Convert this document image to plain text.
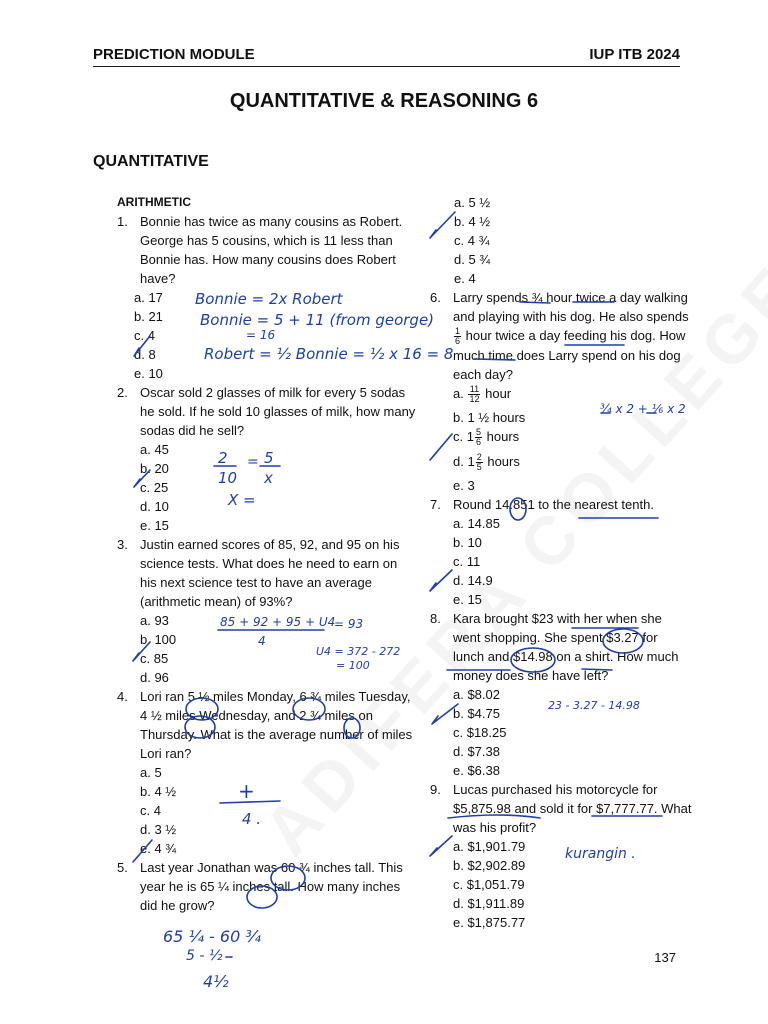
PREDICTION MODULE	IUP ITB 2024
QUANTITATIVE & REASONING 6
QUANTITATIVE
ARITHMETIC
1. Bonnie has twice as many cousins as Robert. George has 5 cousins, which is 11 less than Bonnie has. How many cousins does Robert have?
a. 17
b. 21
c. 4
d. 8
e. 10
2. Oscar sold 2 glasses of milk for every 5 sodas he sold. If he sold 10 glasses of milk, how many sodas did he sell?
a. 45
b. 20
c. 25
d. 10
e. 15
3. Justin earned scores of 85, 92, and 95 on his science tests. What does he need to earn on his next science test to have an average (arithmetic mean) of 93%?
a. 93
b. 100
c. 85
d. 96
4. Lori ran 5 ½ miles Monday, 6 ¾ miles Tuesday, 4 ½ miles Wednesday, and 2 ¾ miles on Thursday. What is the average number of miles Lori ran?
a. 5
b. 4 ½
c. 4
d. 3 ½
e. 4 ¾
5. Last year Jonathan was 60 ¾ inches tall. This year he is 65 ¼ inches tall. How many inches did he grow?
a. 5 ½
b. 4 ½
c. 4 ¾
d. 5 ¾
e. 4
6. Larry spends ¾ hour twice a day walking and playing with his dog. He also spends
$\frac{1}{6}$ hour twice a day feeding his dog. How much time does Larry spend on his dog each day?
a. $\frac{11}{12}$ hour
b. 1 ½ hours
c. $1 \frac{5}{6}$ hours
d. $1 \frac{2}{5}$ hours
e. 3
7. Round 14.851 to the nearest tenth.
a. 14.85
b. 10
c. 11
d. 14.9
e. 15
8. Kara brought $23 with her when she went shopping. She spent $3.27 for lunch and $14.98 on a shirt. How much money does she have left?
a. $8.02
b. $4.75
c. $18.25
d. $7.38
e. $6.38
9. Lucas purchased his motorcycle for $5,875.98 and sold it for $7,777.77. What was his profit?
a. $1,901.79
b. $2,902.89
c. $1,051.79
d. $1,911.89
e. $1,875.77
137
Bonnie = 2x Robert
Bonnie = 5 + 11 (from george)
= 16
Robert = ½ Bonnie = ½ x 16 = 8
2
10
= 5
x
X =
85 + 92 + 95 + U4
4
= 93
U4 = 372 - 272
= 100
+
4 .
65 ¼ - 60 ¾
5 - ½
4½
¾ x 2 + ⅙ x 2
23 - 3.27 - 14.98
kurangin .
